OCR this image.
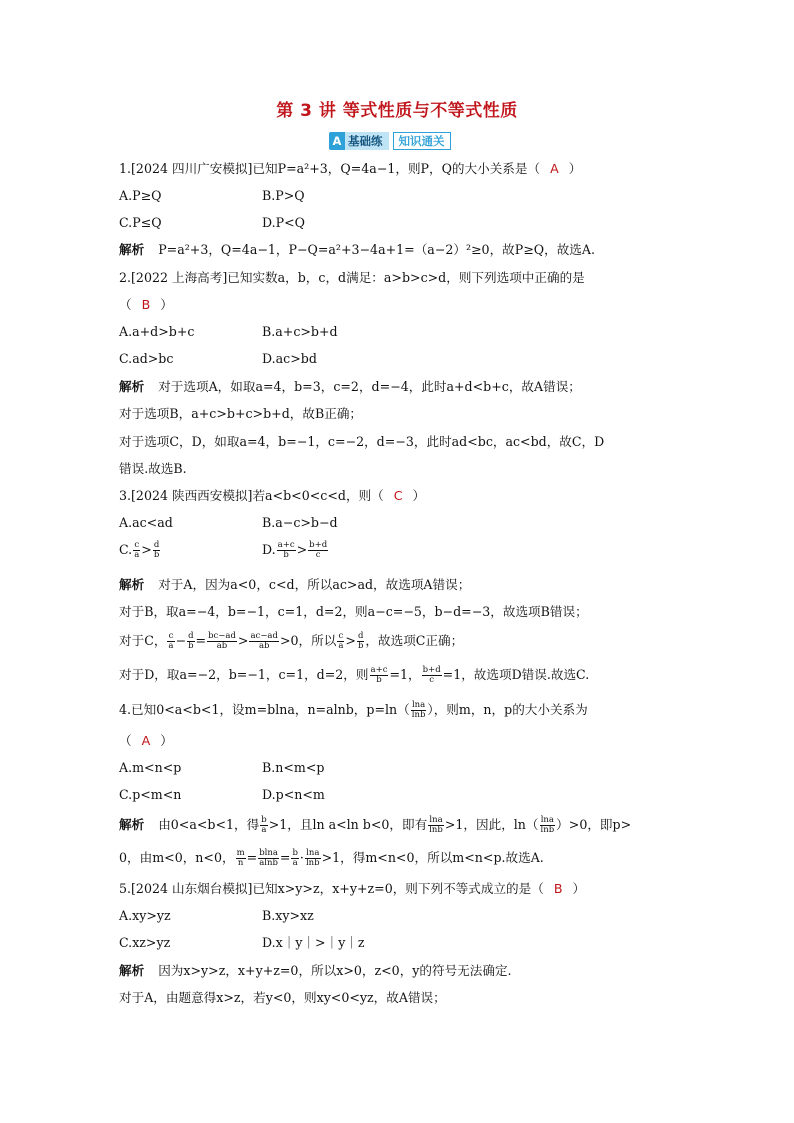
第 3 讲 等式性质与不等式性质
A 基础练	知识通关
1.[2024 四川广安模拟]已知P=a²+3，Q=4a−1，则P，Q的大小关系是（ A ）
A.P≥Q	B.P>Q
C.P≤Q	D.P<Q
解析 P=a²+3，Q=4a−1，P−Q=a²+3−4a+1=（a−2）²≥0，故P≥Q，故选A.
2.[2022 上海高考]已知实数a，b，c，d满足：a>b>c>d，则下列选项中正确的是
（ B ）
A.a+d>b+c	B.a+c>b+d
C.ad>bc	D.ac>bd
解析 对于选项A，如取a=4，b=3，c=2，d=−4，此时a+d<b+c，故A错误；
对于选项B，a+c>b+c>b+d，故B正确；
对于选项C，D，如取a=4，b=−1，c=−2，d=−3，此时ad<bc，ac<bd，故C，D
错误.故选B.
3.[2024 陕西西安模拟]若a<b<0<c<d，则（ C ）
A.ac<ad	B.a−c>b−d
C. $\frac{c}{a} > \frac{d}{b}$	D. $\frac{a+c}{b} > \frac{b+d}{c}$
解析 对于A，因为a<0，c<d，所以ac>ad，故选项A错误；
对于B，取a=−4，b=−1，c=1，d=2，则a−c=−5，b−d=−3，故选项B错误；
对于C， $\frac{c}{a} - \frac{d}{b} = \frac{bc-ad}{ab} > \frac{ac-ad}{ab} >0$，所以 $\frac{c}{a} > \frac{d}{b}$ ，故选项C正确；
对于D，取a=−2，b=−1，c=1，d=2，则 $\frac{a+c}{b} =1$， $\frac{b+d}{c} =1$，故选项D错误.故选C.
4.已知0<a<b<1，设m=blna，n=alnb，$p=\ln( \frac{\ln a}{\ln b}$ ），则m，n，p的大小关系为
（ A ）
A.m<n<p	B.n<m<p
C.p<m<n	D.p<n<m
解析 由0<a<b<1，得 $\frac{b}{a} >1$，且ln a<ln b<0，即有 $\frac{\ln a}{\ln b} >1$，因此，$\ln( \frac{\ln a}{\ln b} )>0$，即p>
0，由m<0，n<0， $\frac{m}{n} = \frac{blna}{alnb} = \frac{b}{a} \cdot \frac{\ln a}{\ln b} >1$，得m<n<0，所以m<n<p.故选A.
5.[2024 山东烟台模拟]已知x>y>z，x+y+z=0，则下列不等式成立的是（ B ）
A.xy>yz	B.xy>xz
C.xz>yz	D.x｜y｜>｜y｜z
解析 因为x>y>z，x+y+z=0，所以x>0，z<0，y的符号无法确定.
对于A，由题意得x>z，若y<0，则xy<0<yz，故A错误；
